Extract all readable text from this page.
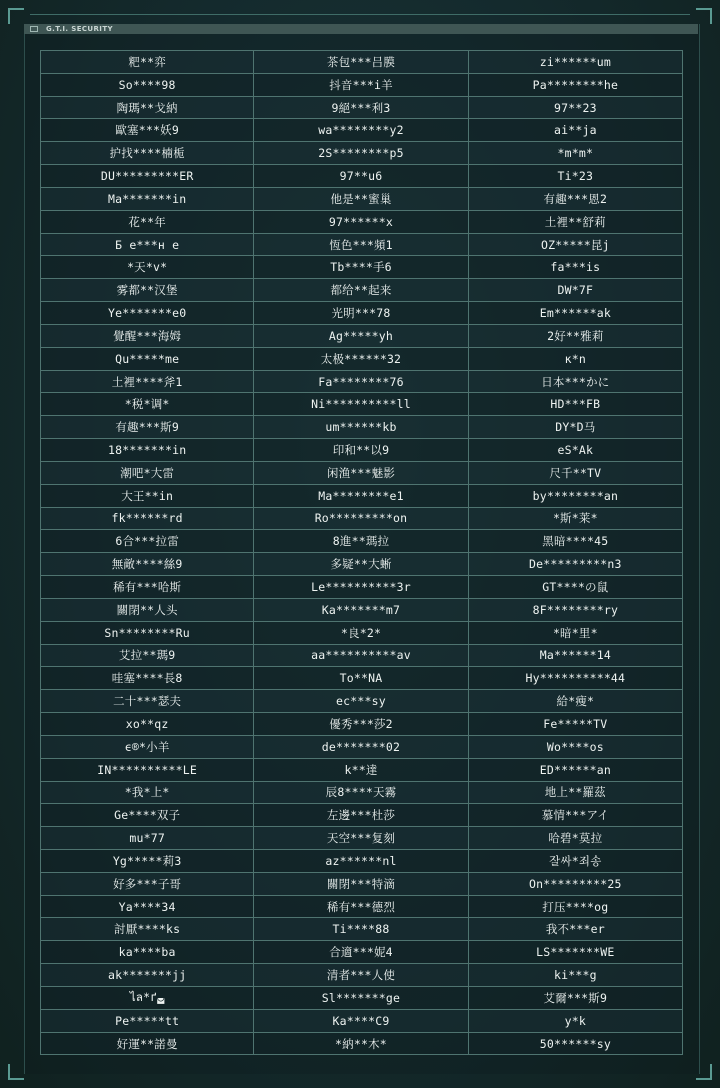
G.T.I. SECURITY
粑**弈	茶包***吕膜	zi******um
So****98	抖音***i羊	Pa********he
陶瑪**戈納	9絕***利3	97**23
歐塞***妖9	wa********y2	ai**ja
护找****楠栀	2S********p5	*m*m*
DU*********ER	97**u6	Ti*23
Ma*******in	他是**蜜巢	有趣***恩2
花**年	97******x	土裡**舒莉
Б е***н е	恆色***頻1	OZ*****昆j
*天*v*	Tb****手6	fa***is
雾都**汉堡	都给**起来	DW*7F
Ye*******e0	光明***78	Em******ak
覺醒***海姆	Ag*****yh	2好**雅莉
Qu*****me	太极******32	κ*n
土裡****斧1	Fa********76	日本***かに
*税*调*	Ni**********ll	HD***FB
有趣***斯9	um******kb	DY*D马
18*******in	印和**以9	eS*Ak
潮吧*大雷	闲渔***魅影	尺千**TV
大王**in	Ma********e1	by********an
fk******rd	Ro*********on	*斯*莱*
6合***拉雷	8進**瑪拉	黑暗****45
無敵****絲9	多疑**大蜥	De*********n3
稀有***哈斯	Le**********3r	GT****の鼠
關閉**人头	Ka*******m7	8F********ry
Sn********Ru	*良*2*	*暗*里*
艾拉**瑪9	aa**********av	Ma******14
哇塞****長8	To**NA	Hy**********44
二十***瑟夫	ec***sy	給*瘦*
xo**qz	優秀***莎2	Fe*****TV
ϵ®*小羊	de*******02	Wo****os
IN**********LE	k**達	ED******an
*我*上*	辰8****天霧	地上**羅茲
Ge****双子	左邊***杜莎	慕情***アイ
mu*77	天空***复刻	哈碧*莫拉
Yg*****莉3	az******nl	잘싸*죄송
好多***子哥	關閉***特滴	On*********25
Ya****34	稀有***德烈	打压****og
討厭****ks	Ti****88	我不***er
ka****ba	合適***妮4	LS*******WE
ak*******jj	清者***人使	ki***g
ไล*ґ◛	Sl*******ge	艾爾***斯9
Pe*****tt	Ka****C9	y*k
好運**諾曼	*納**木*	50******sy
